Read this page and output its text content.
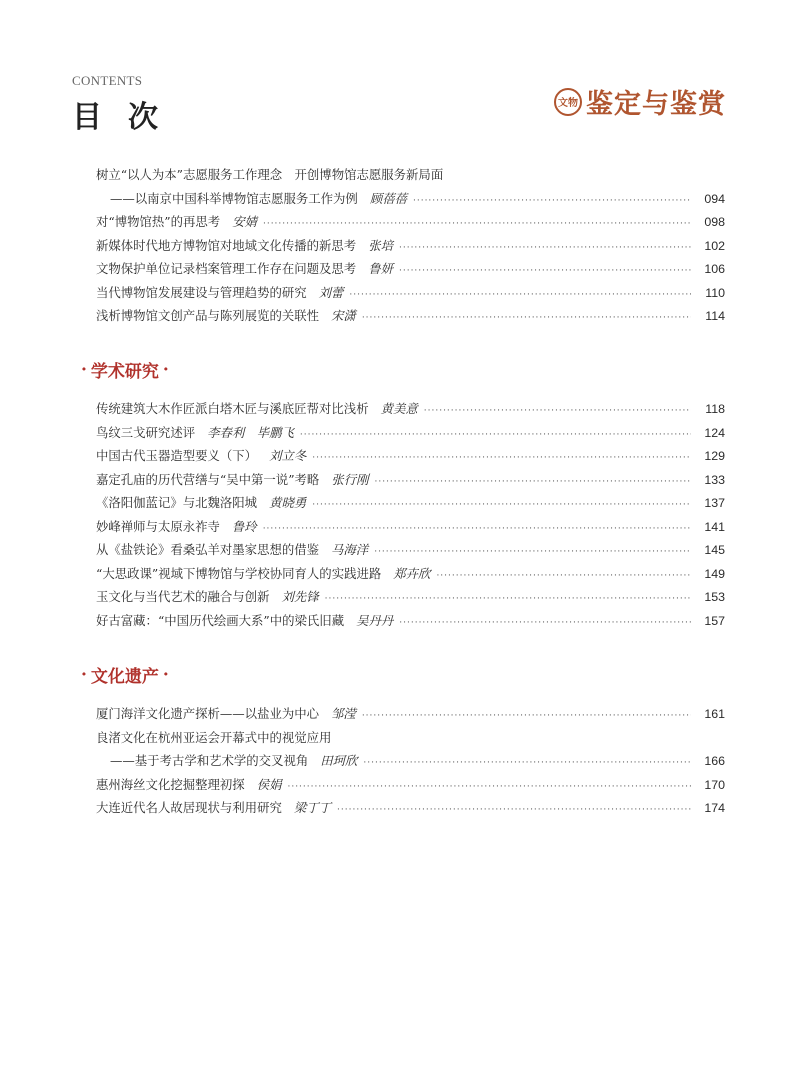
CONTENTS
目次	文物 鉴定与鉴赏
树立“以人为本”志愿服务工作理念　开创博物馆志愿服务新局面
——以南京中国科举博物馆志愿服务工作为例 顾蓓蓓 ·····	094
对“博物馆热”的再思考 安婧 ·····	098
新媒体时代地方博物馆对地域文化传播的新思考 张培 ·····	102
文物保护单位记录档案管理工作存在问题及思考 鲁妍 ·····	106
当代博物馆发展建设与管理趋势的研究 刘蕾 ·····	110
浅析博物馆文创产品与陈列展览的关联性 宋潇 ·····	114
· 学术研究 ·
传统建筑大木作匠派白塔木匠与溪底匠帮对比浅析 黄美意 ·····	118
鸟纹三戈研究述评 李春利　毕鹏飞 ·····	124
中国古代玉器造型要义（下） 刘立冬 ·····	129
嘉定孔庙的历代营缮与“吴中第一说”考略 张行刚 ·····	133
《洛阳伽蓝记》与北魏洛阳城 黄晓勇 ·····	137
妙峰禅师与太原永祚寺 鲁玲 ·····	141
从《盐铁论》看桑弘羊对墨家思想的借鉴 马海洋 ·····	145
“大思政课”视域下博物馆与学校协同育人的实践进路 郑卉欣 ·····	149
玉文化与当代艺术的融合与创新 刘先锋 ·····	153
好古富藏：“中国历代绘画大系”中的梁氏旧藏 吴丹丹 ·····	157
· 文化遗产 ·
厦门海洋文化遗产探析——以盐业为中心 邹滢 ·····	161
良渚文化在杭州亚运会开幕式中的视觉应用
——基于考古学和艺术学的交叉视角 田珂欣 ·····	166
惠州海丝文化挖掘整理初探 侯娟 ·····	170
大连近代名人故居现状与利用研究 梁丁丁 ·····	174
